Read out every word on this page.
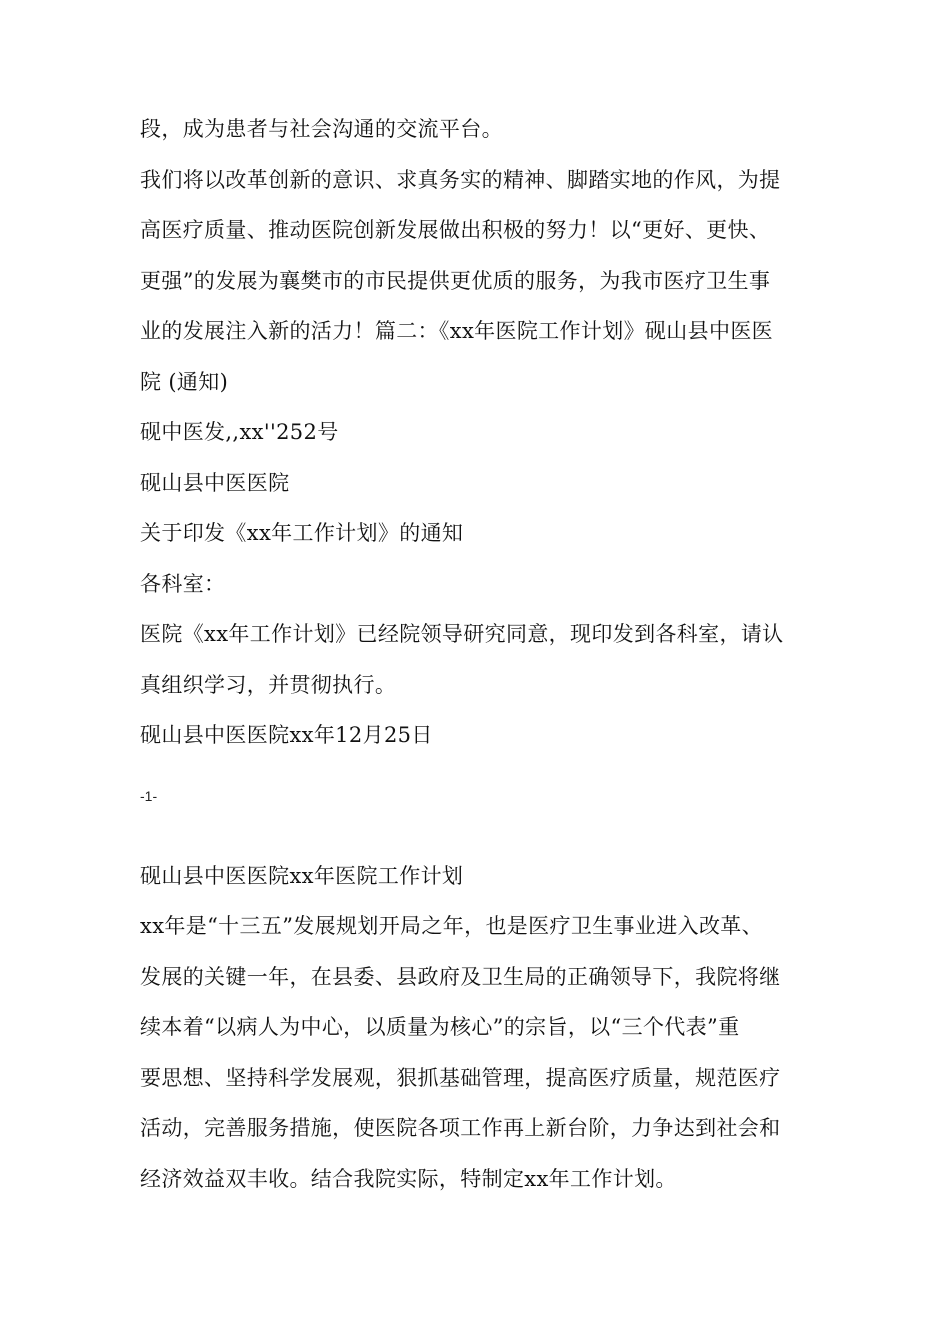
段，成为患者与社会沟通的交流平台。
我们将以改革创新的意识、求真务实的精神、脚踏实地的作风，为提
高医疗质量、推动医院创新发展做出积极的努力！以“更好、更快、
更强”的发展为襄樊市的市民提供更优质的服务，为我市医疗卫生事
业的发展注入新的活力！篇二：《xx年医院工作计划》砚山县中医医
院 (通知)
砚中医发,,xx''252号
砚山县中医医院
关于印发《xx年工作计划》的通知
各科室：
医院《xx年工作计划》已经院领导研究同意，现印发到各科室，请认
真组织学习，并贯彻执行。
砚山县中医医院xx年12月25日
-1-
砚山县中医医院xx年医院工作计划
xx年是“十三五”发展规划开局之年，也是医疗卫生事业进入改革、
发展的关键一年，在县委、县政府及卫生局的正确领导下，我院将继
续本着“以病人为中心，以质量为核心”的宗旨，以“三个代表”重
要思想、坚持科学发展观，狠抓基础管理，提高医疗质量，规范医疗
活动，完善服务措施，使医院各项工作再上新台阶，力争达到社会和
经济效益双丰收。结合我院实际，特制定xx年工作计划。
